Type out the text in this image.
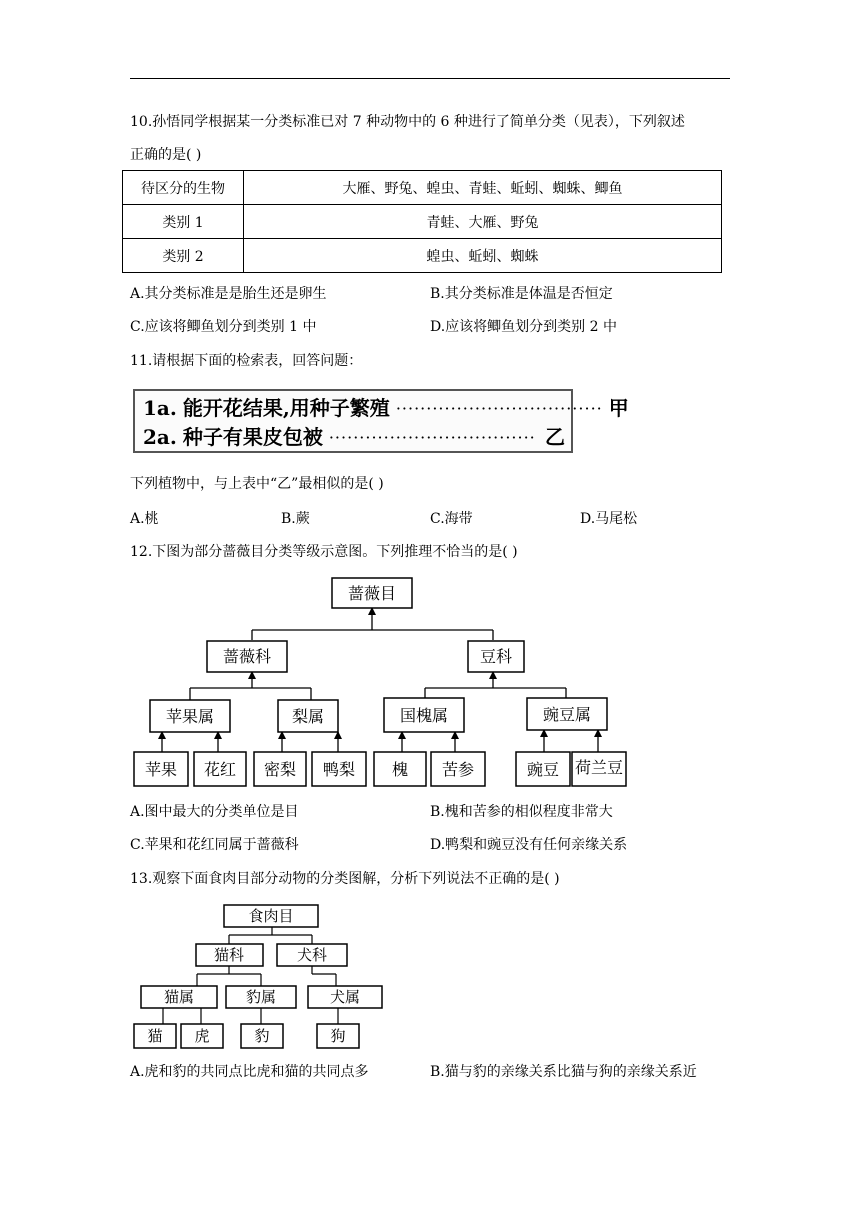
10.孙悟同学根据某一分类标准已对 7 种动物中的 6 种进行了简单分类（见表），下列叙述
正确的是( )
待区分的生物	大雁、野兔、蝗虫、青蛙、蚯蚓、蜘蛛、鲫鱼
类别 1	青蛙、大雁、野兔
类别 2	蝗虫、蚯蚓、蜘蛛
A.其分类标准是是胎生还是卵生	B.其分类标准是体温是否恒定
C.应该将鲫鱼划分到类别 1 中	D.应该将鲫鱼划分到类别 2 中
11.请根据下面的检索表，回答问题：
1a. 能开花结果,用种子繁殖 ·································· 甲
2a. 种子有果皮包被 ·································· 乙
下列植物中，与上表中“乙”最相似的是( )
A.桃	B.蕨	C.海带	D.马尾松
12.下图为部分蔷薇目分类等级示意图。下列推理不恰当的是( )
蔷薇目
蔷薇科	豆科
苹果属	梨属	国槐属	豌豆属
苹果 花红 密梨 鸭梨 槐 苦参	豌豆 荷兰豆
A.图中最大的分类单位是目	B.槐和苦参的相似程度非常大
C.苹果和花红同属于蔷薇科	D.鸭梨和豌豆没有任何亲缘关系
13.观察下面食肉目部分动物的分类图解，分析下列说法不正确的是( )
食肉目
猫科	犬科
猫属	豹属	犬属
猫 虎	豹	狗
A.虎和豹的共同点比虎和猫的共同点多	B.猫与豹的亲缘关系比猫与狗的亲缘关系近
